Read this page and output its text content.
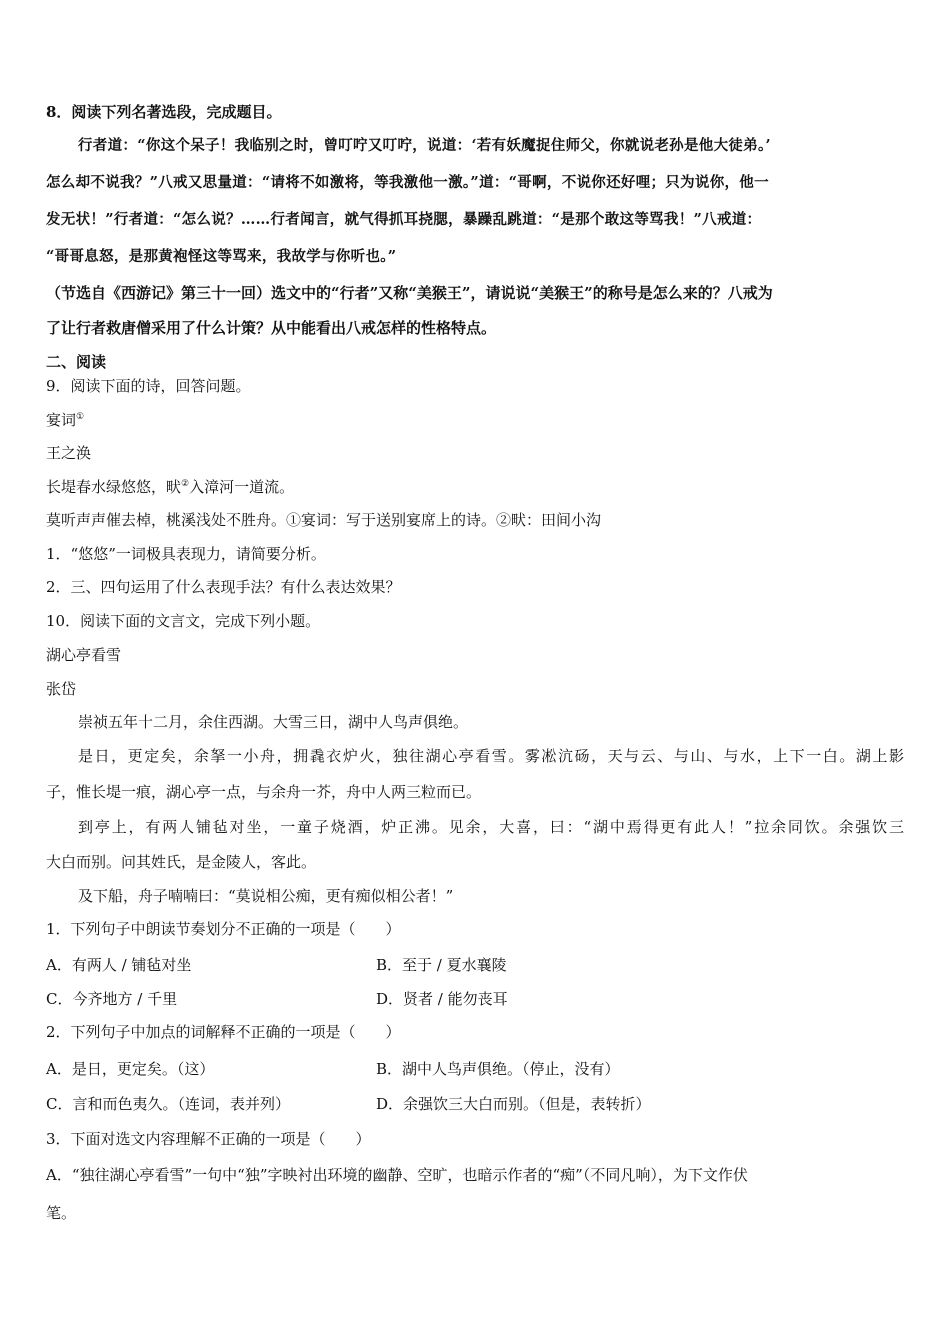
8．阅读下列名著选段，完成题目。
行者道：“你这个呆子！我临别之时，曾叮咛又叮咛，说道：‘若有妖魔捉住师父，你就说老孙是他大徒弟。’
怎么却不说我？”八戒又思量道：“请将不如激将，等我激他一激。”道：“哥啊，不说你还好哩；只为说你，他一
发无状！”行者道：“怎么说？……行者闻言，就气得抓耳挠腮，暴躁乱跳道：“是那个敢这等骂我！”八戒道：
“哥哥息怒，是那黄袍怪这等骂来，我故学与你听也。”
（节选自《西游记》第三十一回）选文中的“行者”又称“美猴王”，请说说“美猴王”的称号是怎么来的？八戒为
了让行者救唐僧采用了什么计策？从中能看出八戒怎样的性格特点。
二、阅读
9．阅读下面的诗，回答问题。
宴词①
王之涣
长堤春水绿悠悠，畎②入漳河一道流。
莫听声声催去棹，桃溪浅处不胜舟。①宴词：写于送别宴席上的诗。②畎：田间小沟
1．“悠悠”一词极具表现力，请简要分析。
2．三、四句运用了什么表现手法？有什么表达效果？
10．阅读下面的文言文，完成下列小题。
湖心亭看雪
张岱
崇祯五年十二月，余住西湖。大雪三日，湖中人鸟声俱绝。
是日，更定矣，余拏一小舟，拥毳衣炉火，独往湖心亭看雪。雾凇沆砀，天与云、与山、与水，上下一白。湖上影
子，惟长堤一痕，湖心亭一点，与余舟一芥，舟中人两三粒而已。
到亭上，有两人铺毡对坐，一童子烧酒，炉正沸。见余，大喜，曰：“湖中焉得更有此人！”拉余同饮。余强饮三
大白而别。问其姓氏，是金陵人，客此。
及下船，舟子喃喃曰：“莫说相公痴，更有痴似相公者！”
1．下列句子中朗读节奏划分不正确的一项是（　　）
A．有两人 / 铺毡对坐	B．至于 / 夏水襄陵
C．今齐地方 / 千里	D．贤者 / 能勿丧耳
2．下列句子中加点的词解释不正确的一项是（　　）
A．是日，更定矣。（这）	B．湖中人鸟声俱绝。（停止，没有）
C．言和而色夷久。（连词，表并列）	D．余强饮三大白而别。（但是，表转折）
3．下面对选文内容理解不正确的一项是（　　）
A．“独往湖心亭看雪”一句中“独”字映衬出环境的幽静、空旷，也暗示作者的“痴”（不同凡响），为下文作伏
笔。
